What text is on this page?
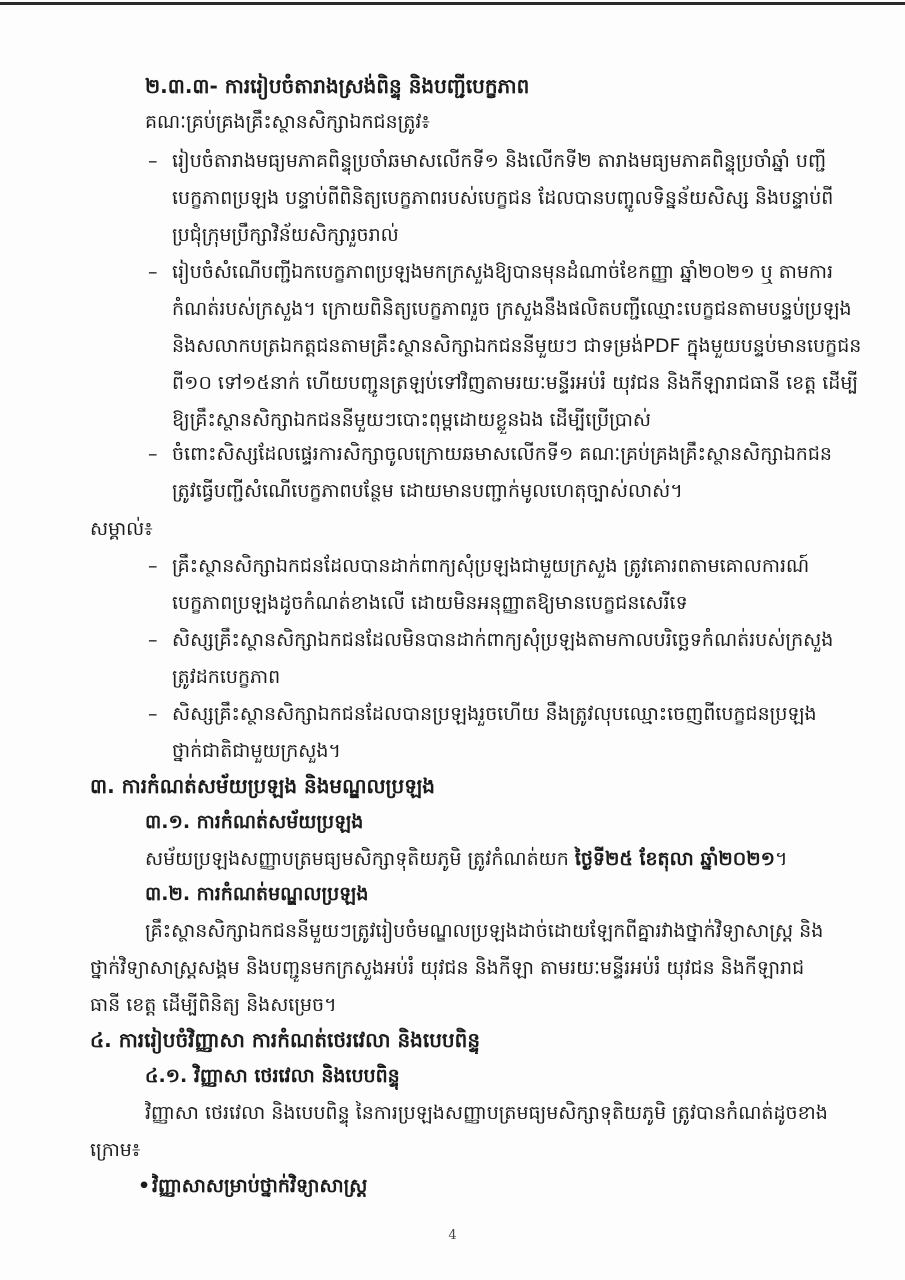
២.៣.៣- ការរៀបចំតារាងស្រង់ពិន្ទុ និងបញ្ជីបេក្ខភាព
គណៈគ្រប់គ្រងគ្រឹះស្ថានសិក្សាឯកជនត្រូវ៖
– រៀបចំតារាងមធ្យមភាគពិន្ទុប្រចាំឆមាសលើកទី១ និងលើកទី២ តារាងមធ្យមភាគពិន្ទុប្រចាំឆ្នាំ បញ្ជី
បេក្ខភាពប្រឡង បន្ទាប់ពីពិនិត្យបេក្ខភាពរបស់បេក្ខជន ដែលបានបញ្ចូលទិន្នន័យសិស្ស និងបន្ទាប់ពី
ប្រជុំក្រុមប្រឹក្សាវិន័យសិក្សារួចរាល់
– រៀបចំសំណើបញ្ជីឯកបេក្ខភាពប្រឡងមកក្រសួងឱ្យបានមុនដំណាច់ខែកញ្ញា ឆ្នាំ២០២១ ឬ តាមការ
កំណត់របស់ក្រសួង។ ក្រោយពិនិត្យបេក្ខភាពរួច ក្រសួងនឹងផលិតបញ្ជីឈ្មោះបេក្ខជនតាមបន្ទប់ប្រឡង
និងសលាកបត្រឯកត្តជនតាមគ្រឹះស្ថានសិក្សាឯកជននីមួយៗ ជាទម្រង់PDF ក្នុងមួយបន្ទប់មានបេក្ខជន
ពី១០ ទៅ១៥នាក់ ហើយបញ្ជូនត្រឡប់ទៅវិញតាមរយៈមន្ទីរអប់រំ យុវជន និងកីឡារាជធានី ខេត្ត ដើម្បី
ឱ្យគ្រឹះស្ថានសិក្សាឯកជននីមួយៗបោះពុម្ពដោយខ្លួនឯង ដើម្បីប្រើប្រាស់
– ចំពោះសិស្សដែលផ្ទេរការសិក្សាចូលក្រោយឆមាសលើកទី១ គណៈគ្រប់គ្រងគ្រឹះស្ថានសិក្សាឯកជន
ត្រូវធ្វើបញ្ជីសំណើបេក្ខភាពបន្ថែម ដោយមានបញ្ជាក់មូលហេតុច្បាស់លាស់។
សម្គាល់៖
– គ្រឹះស្ថានសិក្សាឯកជនដែលបានដាក់ពាក្យសុំប្រឡងជាមួយក្រសួង ត្រូវគោរពតាមគោលការណ៍
បេក្ខភាពប្រឡងដូចកំណត់ខាងលើ ដោយមិនអនុញ្ញាតឱ្យមានបេក្ខជនសេរីទេ
– សិស្សគ្រឹះស្ថានសិក្សាឯកជនដែលមិនបានដាក់ពាក្យសុំប្រឡងតាមកាលបរិច្ឆេទកំណត់របស់ក្រសួង
ត្រូវដកបេក្ខភាព
– សិស្សគ្រឹះស្ថានសិក្សាឯកជនដែលបានប្រឡងរួចហើយ នឹងត្រូវលុបឈ្មោះចេញពីបេក្ខជនប្រឡង
ថ្នាក់ជាតិជាមួយក្រសួង។
៣. ការកំណត់សម័យប្រឡង និងមណ្ឌលប្រឡង
៣.១. ការកំណត់សម័យប្រឡង
សម័យប្រឡងសញ្ញាបត្រមធ្យមសិក្សាទុតិយភូមិ ត្រូវកំណត់យក ថ្ងៃទី២៥ ខែតុលា ឆ្នាំ២០២១។
៣.២. ការកំណត់មណ្ឌលប្រឡង
គ្រឹះស្ថានសិក្សាឯកជននីមួយៗត្រូវរៀបចំមណ្ឌលប្រឡងដាច់ដោយឡែកពីគ្នារវាងថ្នាក់វិទ្យាសាស្ត្រ និង
ថ្នាក់វិទ្យាសាស្ត្រសង្គម និងបញ្ជូនមកក្រសួងអប់រំ យុវជន និងកីឡា តាមរយៈមន្ទីរអប់រំ យុវជន និងកីឡារាជ
ធានី ខេត្ត ដើម្បីពិនិត្យ និងសម្រេច។
៤. ការរៀបចំវិញ្ញាសា ការកំណត់ថេរវេលា និងបេបពិន្ទុ
៤.១. វិញ្ញាសា ថេរវេលា និងបេបពិន្ទុ
វិញ្ញាសា ថេរវេលា និងបេបពិន្ទុ នៃការប្រឡងសញ្ញាបត្រមធ្យមសិក្សាទុតិយភូមិ ត្រូវបានកំណត់ដូចខាង
ក្រោម៖
• វិញ្ញាសាសម្រាប់ថ្នាក់វិទ្យាសាស្ត្រ
4
